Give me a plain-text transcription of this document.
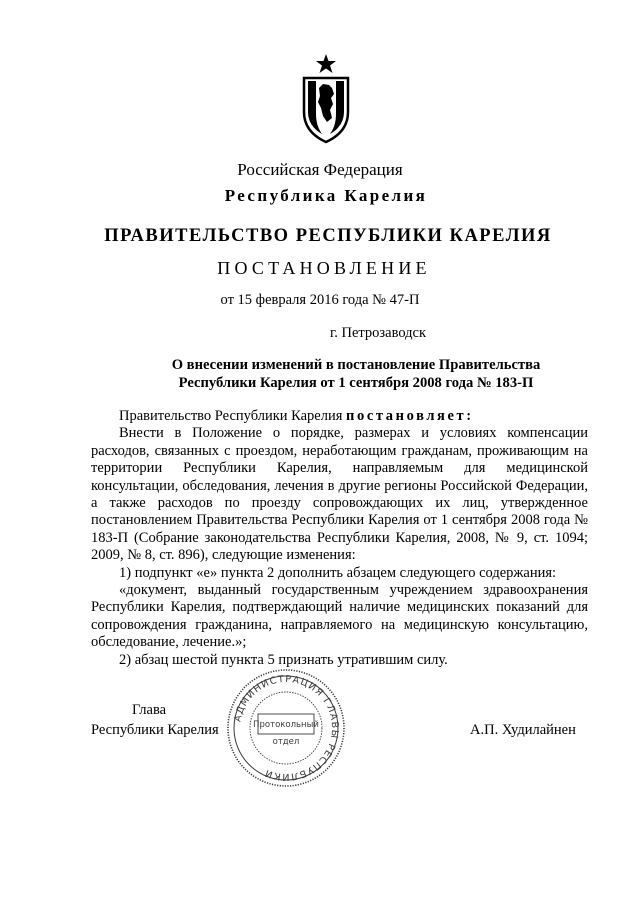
Российская Федерация
Республика Карелия
ПРАВИТЕЛЬСТВО РЕСПУБЛИКИ КАРЕЛИЯ
ПОСТАНОВЛЕНИЕ
от 15 февраля 2016 года № 47-П
г. Петрозаводск
О внесении изменений в постановление Правительства
Республики Карелия от 1 сентября 2008 года № 183-П

Правительство Республики Карелия постановляет:

Внести в Положение о порядке, размерах и условиях компенсации расходов, связанных с проездом, неработающим гражданам, проживающим на территории Республики Карелия, направляемым для медицинской консультации, обследования, лечения в другие регионы Российской Федерации, а также расходов по проезду сопровождающих их лиц, утвержденное постановлением Правительства Республики Карелия от 1 сентября 2008 года № 183-П (Собрание законодательства Республики Карелия, 2008, № 9, ст. 1094; 2009, № 8, ст. 896), следующие изменения:

1) подпункт «е» пункта 2 дополнить абзацем следующего содержания:

«документ, выданный государственным учреждением здравоохранения Республики Карелия, подтверждающий наличие медицинских показаний для сопровождения гражданина, направляемого на медицинскую консультацию, обследование, лечение.»;

2) абзац шестой пункта 5 признать утратившим силу.

Глава
Республики Карелия	А.П. Худилайнен
АДМИНИСТРАЦИЯ ГЛАВЫ РЕСПУБЛИКИ
Протокольный
отдел
